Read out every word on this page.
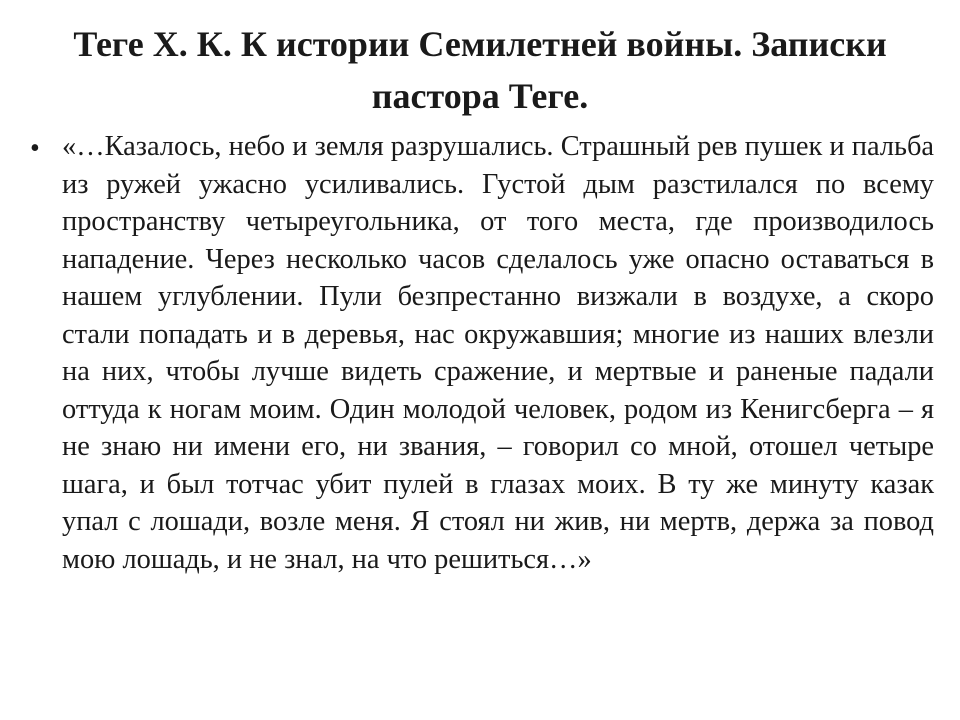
Теге Х. К. К истории Семилетней войны. Записки пастора Теге.
• «…Казалось, небо и земля разрушались. Страшный рев пушек и пальба из ружей ужасно усиливались. Густой дым разстилался по всему пространству четыреугольника, от того места, где производилось нападение. Через несколько часов сделалось уже опасно оставаться в нашем углублении. Пули безпрестанно визжали в воздухе, а скоро стали попадать и в деревья, нас окружавшия; многие из наших влезли на них, чтобы лучше видеть сражение, и мертвые и раненые падали оттуда к ногам моим. Один молодой человек, родом из Кенигсберга – я не знаю ни имени его, ни звания, – говорил со мной, отошел четыре шага, и был тотчас убит пулей в глазах моих. В ту же минуту казак упал с лошади, возле меня. Я стоял ни жив, ни мертв, держа за повод мою лошадь, и не знал, на что решиться…»
